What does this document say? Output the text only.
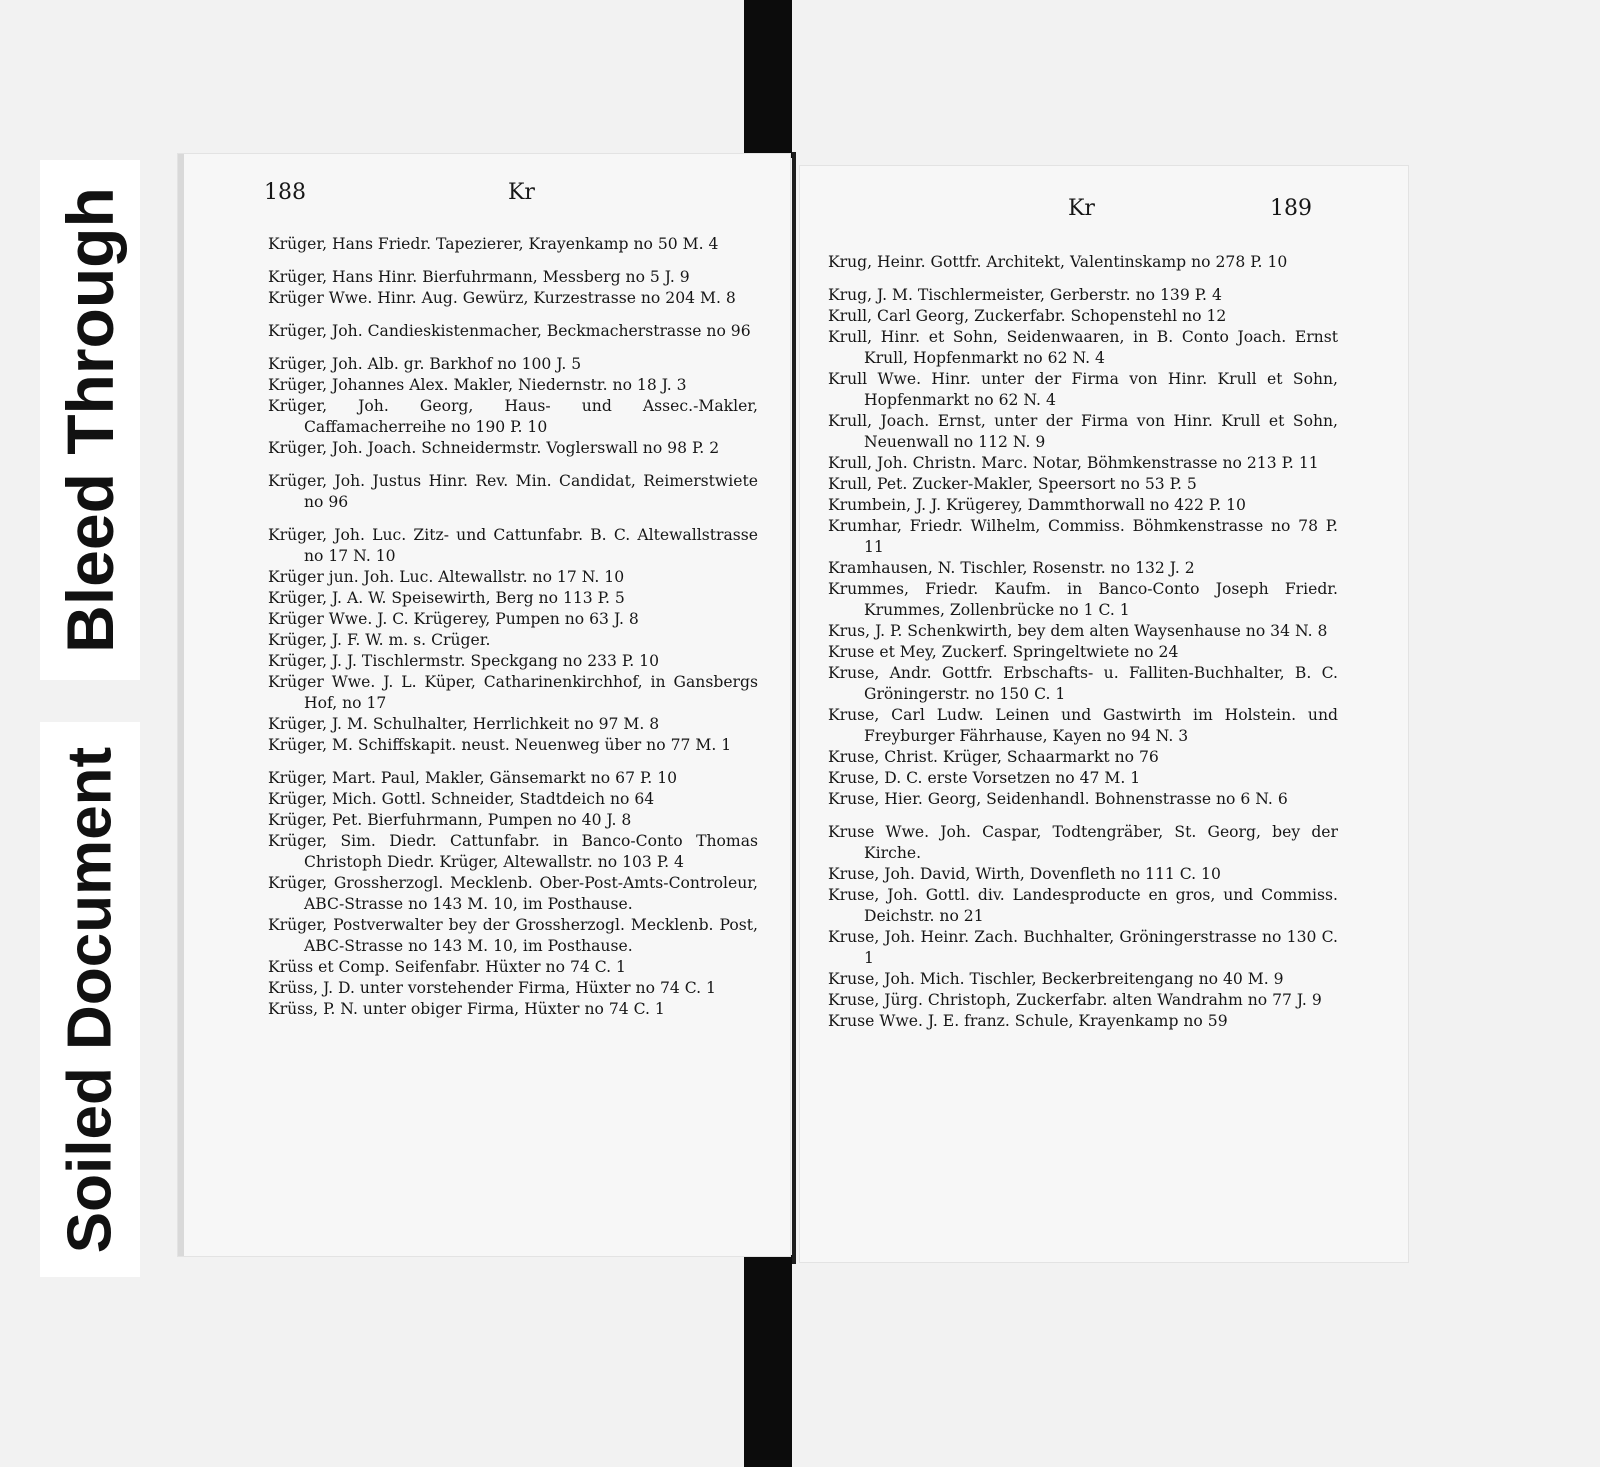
Bleed Through
Soiled Document
188	Kr
Krüger, Hans Friedr. Tapezierer, Krayenkamp no 50 M. 4
Krüger, Hans Hinr. Bierfuhrmann, Messberg no 5 J. 9
Krüger Wwe. Hinr. Aug. Gewürz, Kurzestrasse no 204 M. 8
Krüger, Joh. Candieskistenmacher, Beckmacherstrasse no 96
Krüger, Joh. Alb. gr. Barkhof no 100 J. 5
Krüger, Johannes Alex. Makler, Niedernstr. no 18 J. 3
Krüger, Joh. Georg, Haus- und Assec.-Makler, Caffamacherreihe no 190 P. 10
Krüger, Joh. Joach. Schneidermstr. Voglerswall no 98 P. 2
Krüger, Joh. Justus Hinr. Rev. Min. Candidat, Reimerstwiete no 96
Krüger, Joh. Luc. Zitz- und Cattunfabr. B. C. Altewallstrasse no 17 N. 10
Krüger jun. Joh. Luc. Altewallstr. no 17 N. 10
Krüger, J. A. W. Speisewirth, Berg no 113 P. 5
Krüger Wwe. J. C. Krügerey, Pumpen no 63 J. 8
Krüger, J. F. W. m. s. Crüger.
Krüger, J. J. Tischlermstr. Speckgang no 233 P. 10
Krüger Wwe. J. L. Küper, Catharinenkirchhof, in Gansbergs Hof, no 17
Krüger, J. M. Schulhalter, Herrlichkeit no 97 M. 8
Krüger, M. Schiffskapit. neust. Neuenweg über no 77 M. 1
Krüger, Mart. Paul, Makler, Gänsemarkt no 67 P. 10
Krüger, Mich. Gottl. Schneider, Stadtdeich no 64
Krüger, Pet. Bierfuhrmann, Pumpen no 40 J. 8
Krüger, Sim. Diedr. Cattunfabr. in Banco-Conto Thomas Christoph Diedr. Krüger, Altewallstr. no 103 P. 4
Krüger, Grossherzogl. Mecklenb. Ober-Post-Amts-Controleur, ABC-Strasse no 143 M. 10, im Posthause.
Krüger, Postverwalter bey der Grossherzogl. Mecklenb. Post, ABC-Strasse no 143 M. 10, im Posthause.
Krüss et Comp. Seifenfabr. Hüxter no 74 C. 1
Krüss, J. D. unter vorstehender Firma, Hüxter no 74 C. 1
Krüss, P. N. unter obiger Firma, Hüxter no 74 C. 1
Kr	189
Krug, Heinr. Gottfr. Architekt, Valentinskamp no 278 P. 10
Krug, J. M. Tischlermeister, Gerberstr. no 139 P. 4
Krull, Carl Georg, Zuckerfabr. Schopenstehl no 12
Krull, Hinr. et Sohn, Seidenwaaren, in B. Conto Joach. Ernst Krull, Hopfenmarkt no 62 N. 4
Krull Wwe. Hinr. unter der Firma von Hinr. Krull et Sohn, Hopfenmarkt no 62 N. 4
Krull, Joach. Ernst, unter der Firma von Hinr. Krull et Sohn, Neuenwall no 112 N. 9
Krull, Joh. Christn. Marc. Notar, Böhmkenstrasse no 213 P. 11
Krull, Pet. Zucker-Makler, Speersort no 53 P. 5
Krumbein, J. J. Krügerey, Dammthorwall no 422 P. 10
Krumhar, Friedr. Wilhelm, Commiss. Böhmkenstrasse no 78 P. 11
Kramhausen, N. Tischler, Rosenstr. no 132 J. 2
Krummes, Friedr. Kaufm. in Banco-Conto Joseph Friedr. Krummes, Zollenbrücke no 1 C. 1
Krus, J. P. Schenkwirth, bey dem alten Waysenhause no 34 N. 8
Kruse et Mey, Zuckerf. Springeltwiete no 24
Kruse, Andr. Gottfr. Erbschafts- u. Falliten-Buchhalter, B. C. Gröningerstr. no 150 C. 1
Kruse, Carl Ludw. Leinen und Gastwirth im Holstein. und Freyburger Fährhause, Kayen no 94 N. 3
Kruse, Christ. Krüger, Schaarmarkt no 76
Kruse, D. C. erste Vorsetzen no 47 M. 1
Kruse, Hier. Georg, Seidenhandl. Bohnenstrasse no 6 N. 6
Kruse Wwe. Joh. Caspar, Todtengräber, St. Georg, bey der Kirche.
Kruse, Joh. David, Wirth, Dovenfleth no 111 C. 10
Kruse, Joh. Gottl. div. Landesproducte en gros, und Commiss. Deichstr. no 21
Kruse, Joh. Heinr. Zach. Buchhalter, Gröningerstrasse no 130 C. 1
Kruse, Joh. Mich. Tischler, Beckerbreitengang no 40 M. 9
Kruse, Jürg. Christoph, Zuckerfabr. alten Wandrahm no 77 J. 9
Kruse Wwe. J. E. franz. Schule, Krayenkamp no 59
